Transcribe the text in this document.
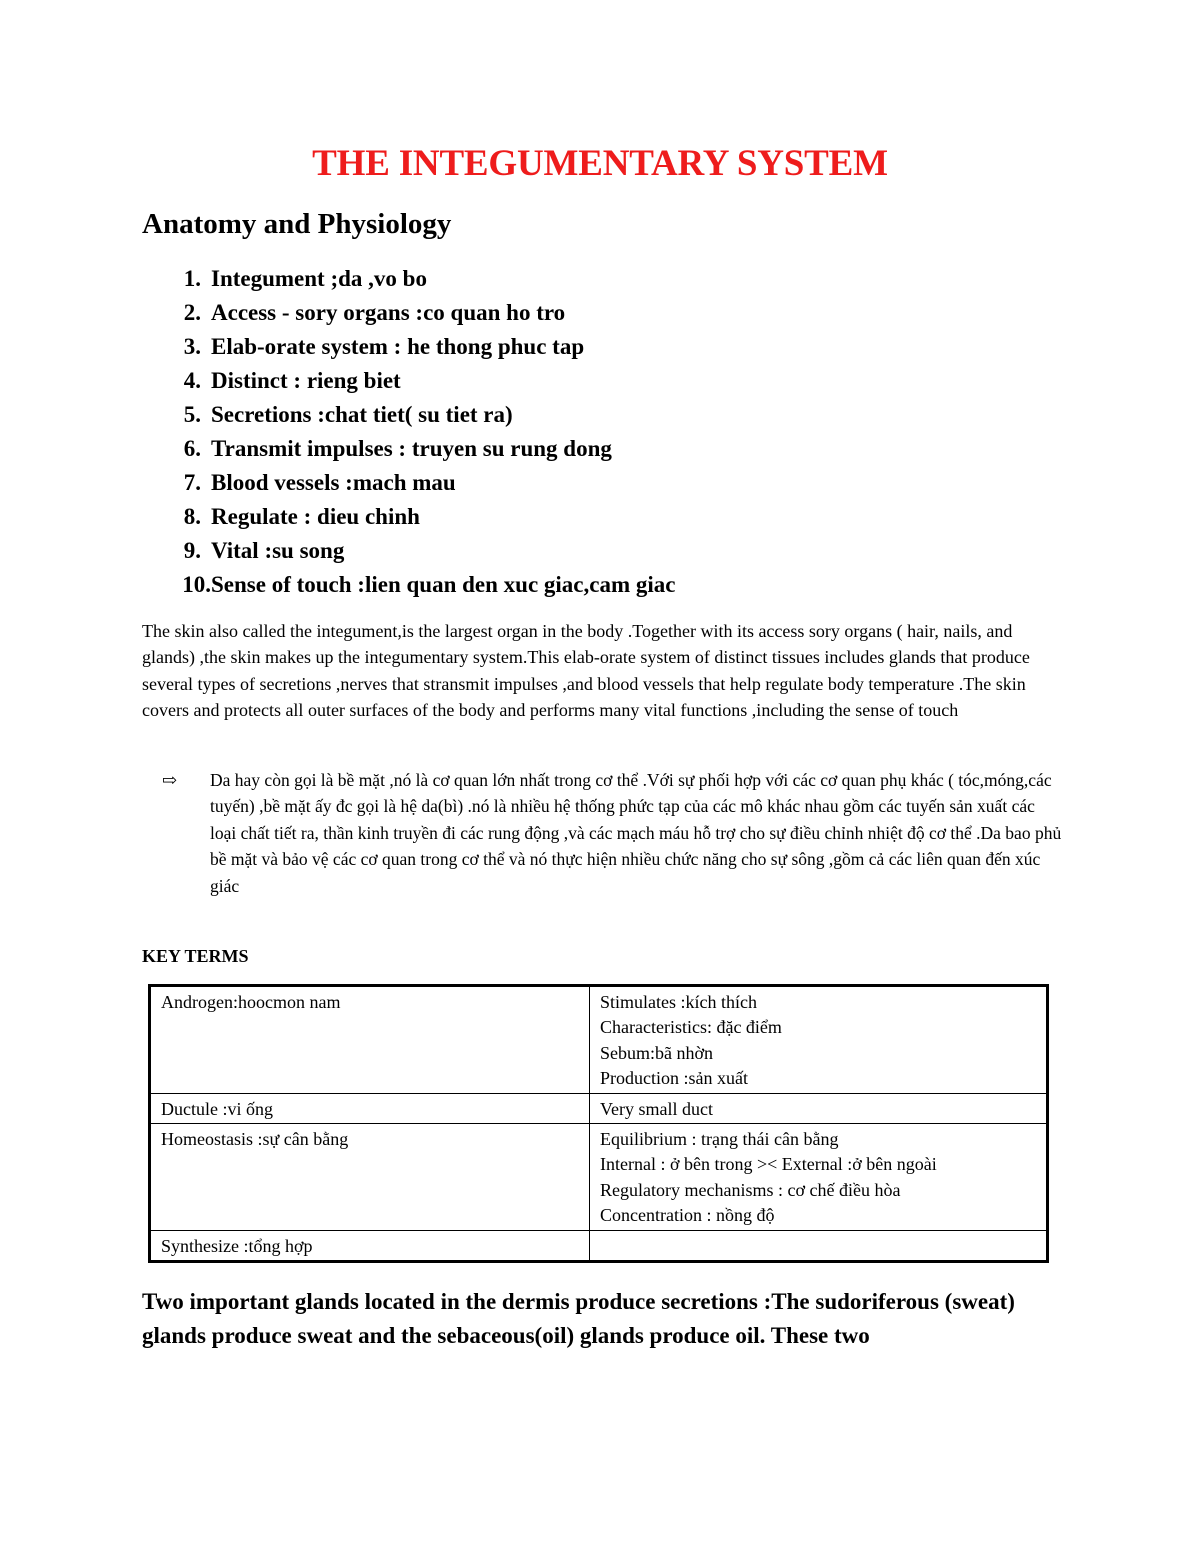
THE INTEGUMENTARY SYSTEM
Anatomy and Physiology
1. Integument ;da ,vo bo
2. Access - sory organs :co quan ho tro
3. Elab-orate system : he thong phuc tap
4. Distinct : rieng biet
5. Secretions :chat tiet( su tiet ra)
6. Transmit impulses : truyen su rung dong
7. Blood vessels :mach mau
8. Regulate : dieu chinh
9. Vital :su song
10. Sense of touch :lien quan den xuc giac,cam giac

The skin also called the integument,is the largest organ in the body .Together with its access sory organs ( hair, nails, and glands) ,the skin makes up the integumentary system.This elab-orate system of distinct tissues includes glands that produce several types of secretions ,nerves that stransmit impulses ,and blood vessels that help regulate body temperature .The skin covers and protects all outer surfaces of the body and performs many vital functions ,including the sense of touch

⇨ Da hay còn gọi là bề mặt ,nó là cơ quan lớn nhất trong cơ thể .Với sự phối hợp với các cơ quan phụ khác ( tóc,móng,các tuyến) ,bề mặt ấy đc gọi là hệ da(bì) .nó là nhiều hệ thống phức tạp của các mô khác nhau gồm các tuyến sản xuất các loại chất tiết ra, thần kinh truyền đi các rung động ,và các mạch máu hỗ trợ cho sự điều chỉnh nhiệt độ cơ thể .Da bao phủ bề mặt và bảo vệ các cơ quan trong cơ thể và nó thực hiện nhiều chức năng cho sự sông ,gồm cả các liên quan đến xúc giác

KEY TERMS
Androgen:hoocmon nam	Stimulates :kích thích
Characteristics: đặc điểm
Sebum:bã nhờn
Production :sản xuất

Ductule :vi ống	Very small duct

Homeostasis :sự cân bằng	Equilibrium : trạng thái cân bằng
Internal : ở bên trong >< External :ở bên ngoài
Regulatory mechanisms : cơ chế điều hòa
Concentration : nồng độ

Synthesize :tổng hợp	

Two important glands located in the dermis produce secretions :The sudoriferous (sweat) glands produce sweat and the sebaceous(oil) glands produce oil. These two
